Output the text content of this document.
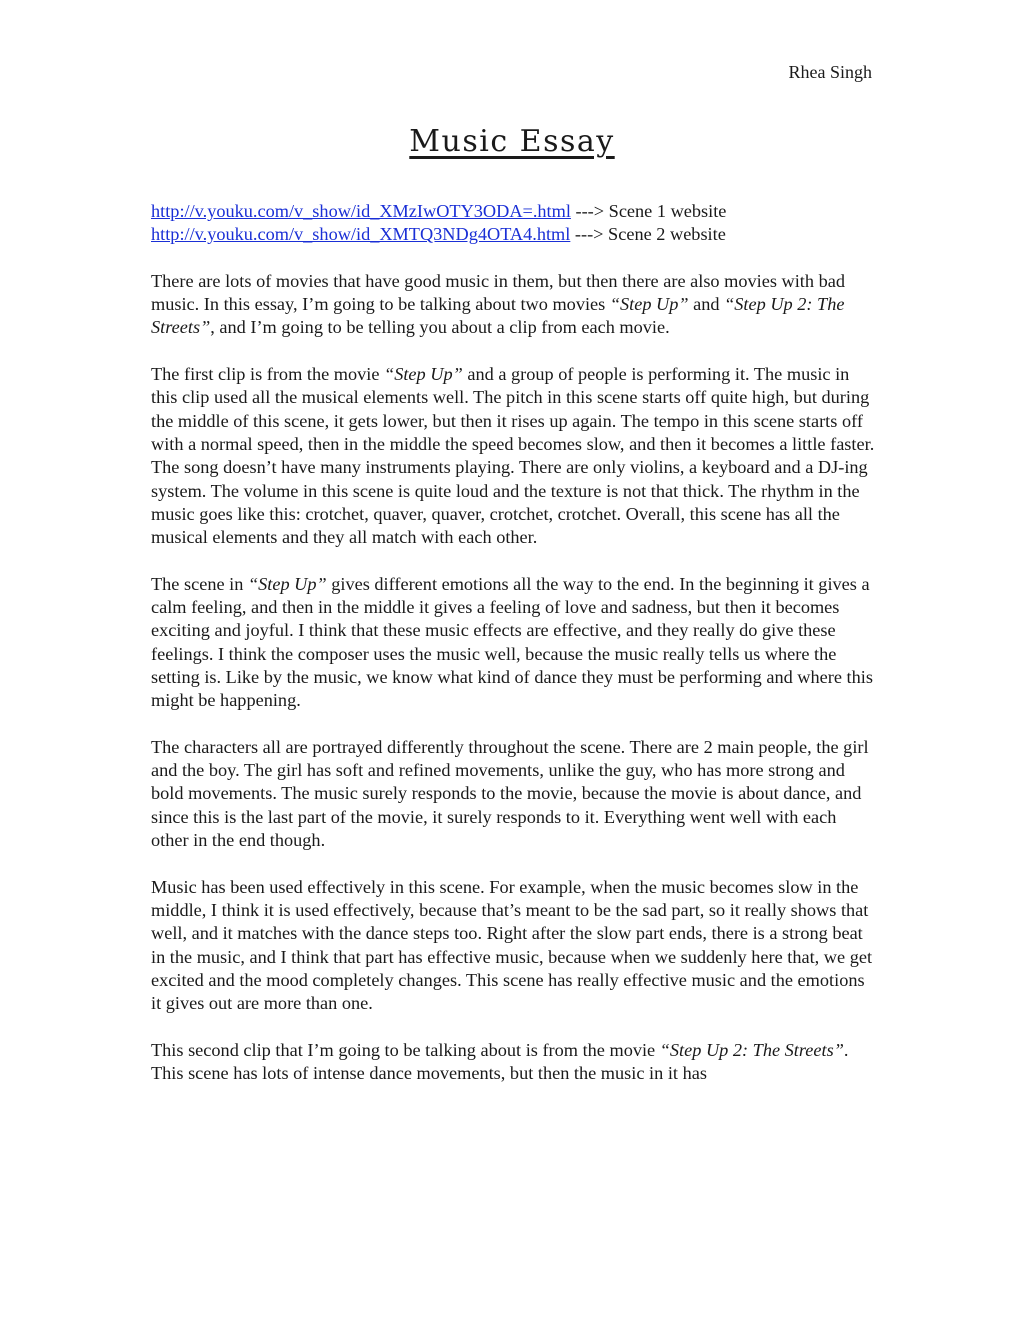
Rhea Singh
Music Essay
http://v.youku.com/v_show/id_XMzIwOTY3ODA=.html ---> Scene 1 website
http://v.youku.com/v_show/id_XMTQ3NDg4OTA4.html ---> Scene 2 website

There are lots of movies that have good music in them, but then there are also movies with bad music. In this essay, I’m going to be talking about two movies “Step Up” and “Step Up 2: The Streets”, and I’m going to be telling you about a clip from each movie.

The first clip is from the movie “Step Up” and a group of people is performing it. The music in this clip used all the musical elements well. The pitch in this scene starts off quite high, but during the middle of this scene, it gets lower, but then it rises up again. The tempo in this scene starts off with a normal speed, then in the middle the speed becomes slow, and then it becomes a little faster. The song doesn’t have many instruments playing. There are only violins, a keyboard and a DJ-ing system. The volume in this scene is quite loud and the texture is not that thick. The rhythm in the music goes like this: crotchet, quaver, quaver, crotchet, crotchet. Overall, this scene has all the musical elements and they all match with each other.

The scene in “Step Up” gives different emotions all the way to the end. In the beginning it gives a calm feeling, and then in the middle it gives a feeling of love and sadness, but then it becomes exciting and joyful. I think that these music effects are effective, and they really do give these feelings. I think the composer uses the music well, because the music really tells us where the setting is. Like by the music, we know what kind of dance they must be performing and where this might be happening.

The characters all are portrayed differently throughout the scene. There are 2 main people, the girl and the boy. The girl has soft and refined movements, unlike the guy, who has more strong and bold movements. The music surely responds to the movie, because the movie is about dance, and since this is the last part of the movie, it surely responds to it. Everything went well with each other in the end though.

Music has been used effectively in this scene. For example, when the music becomes slow in the middle, I think it is used effectively, because that’s meant to be the sad part, so it really shows that well, and it matches with the dance steps too. Right after the slow part ends, there is a strong beat in the music, and I think that part has effective music, because when we suddenly here that, we get excited and the mood completely changes. This scene has really effective music and the emotions it gives out are more than one.

This second clip that I’m going to be talking about is from the movie “Step Up 2: The Streets”. This scene has lots of intense dance movements, but then the music in it has
